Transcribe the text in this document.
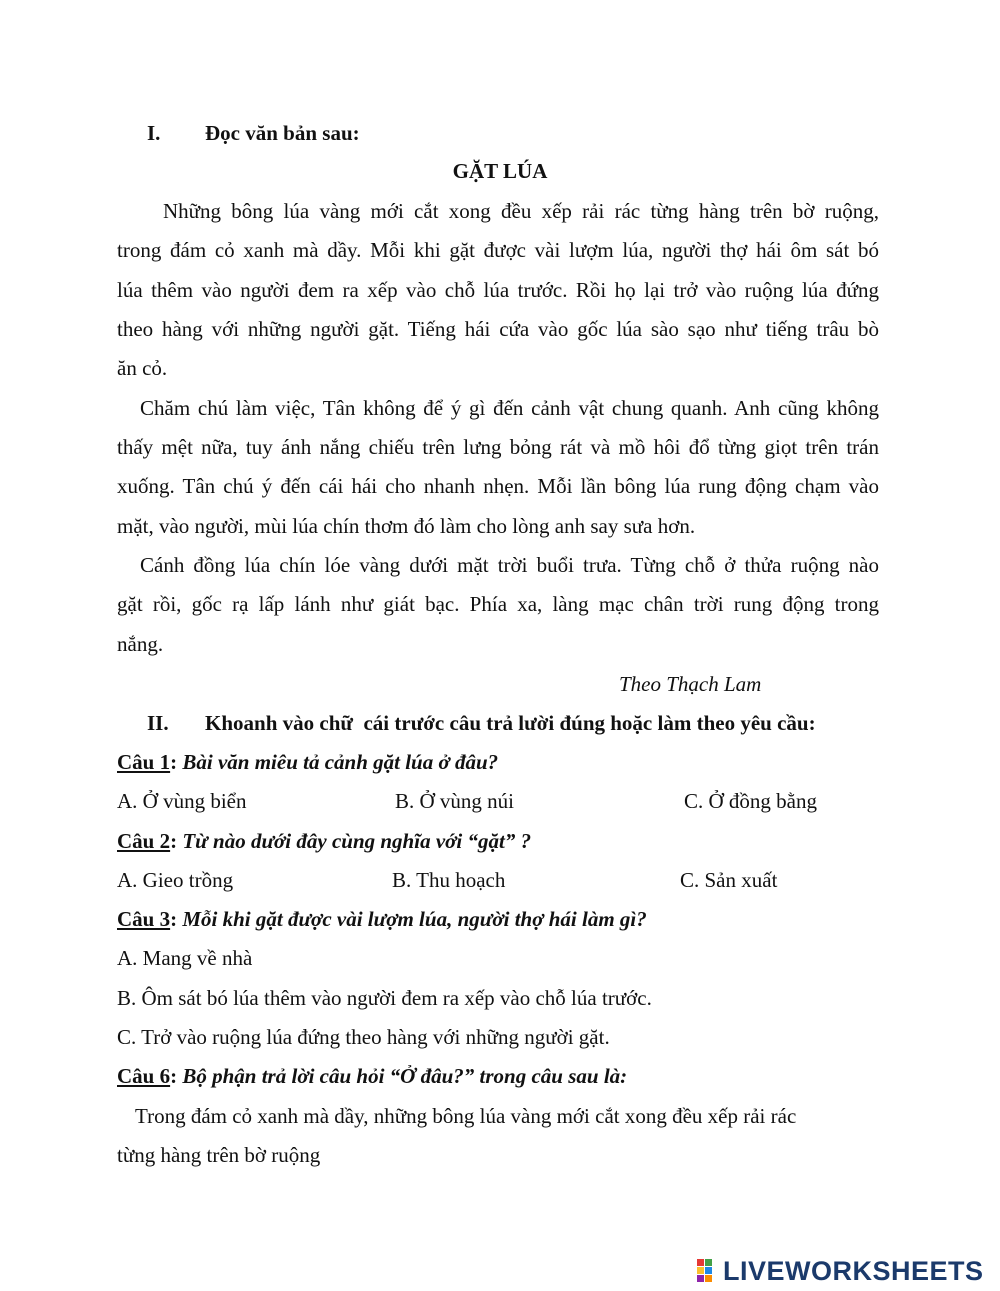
I. Đọc văn bản sau:
GẶT LÚA
Những bông lúa vàng mới cắt xong đều xếp rải rác từng hàng trên bờ ruộng,
trong đám cỏ xanh mà dầy. Mỗi khi gặt được vài lượm lúa, người thợ hái ôm sát bó
lúa thêm vào người đem ra xếp vào chỗ lúa trước. Rồi họ lại trở vào ruộng lúa đứng
theo hàng với những người gặt. Tiếng hái cứa vào gốc lúa sào sạo như tiếng trâu bò
ăn cỏ.
Chăm chú làm việc, Tân không để ý gì đến cảnh vật chung quanh. Anh cũng không
thấy mệt nữa, tuy ánh nắng chiếu trên lưng bỏng rát và mồ hôi đổ từng giọt trên trán
xuống. Tân chú ý đến cái hái cho nhanh nhẹn. Mỗi lần bông lúa rung động chạm vào
mặt, vào người, mùi lúa chín thơm đó làm cho lòng anh say sưa hơn.
Cánh đồng lúa chín lóe vàng dưới mặt trời buổi trưa. Từng chỗ ở thửa ruộng nào
gặt rồi, gốc rạ lấp lánh như giát bạc. Phía xa, làng mạc chân trời rung động trong
nắng.
Theo Thạch Lam
II. Khoanh vào chữ  cái trước câu trả lười đúng hoặc làm theo yêu cầu:
Câu 1: Bài văn miêu tả cảnh gặt lúa ở đâu?
A. Ở vùng biển	B. Ở vùng núi	C. Ở đồng bằng
Câu 2: Từ nào dưới đây cùng nghĩa với “gặt” ?
A. Gieo trồng	B. Thu hoạch	C. Sản xuất
Câu 3: Mỗi khi gặt được vài lượm lúa, người thợ hái làm gì?
A. Mang về nhà
B. Ôm sát bó lúa thêm vào người đem ra xếp vào chỗ lúa trước.
C. Trở vào ruộng lúa đứng theo hàng với những người gặt.
Câu 6: Bộ phận trả lời câu hỏi “Ở đâu?” trong câu sau là:
Trong đám cỏ xanh mà dầy, những bông lúa vàng mới cắt xong đều xếp rải rác
từng hàng trên bờ ruộng
LIVEWORKSHEETS
